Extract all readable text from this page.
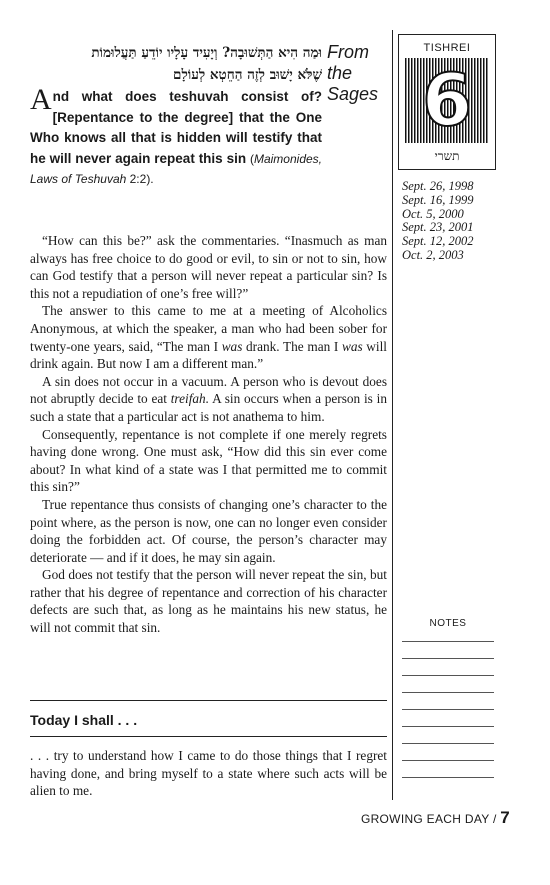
וּמַה הִיא הַתְּשׁוּבָה? וְיָעִיד עָלָיו יוֹדֵעַ תַּעֲלוּמוֹת
שֶׁלֹּא יָשׁוּב לְזֶה הַחֵטְא לְעוֹלָם
From
the
Sages
And what does teshuvah consist of? [Repentance to the degree] that the One Who knows all that is hidden will testify that he will never again repeat this sin (Maimonides, Laws of Teshuvah 2:2).

“How can this be?” ask the commentaries. “Inasmuch as man always has free choice to do good or evil, to sin or not to sin, how can God testify that a person will never repeat a particular sin? Is this not a repudiation of one’s free will?”

The answer to this came to me at a meeting of Alcoholics Anonymous, at which the speaker, a man who had been sober for twenty-one years, said, “The man I was drank. The man I was will drink again. But now I am a different man.”

A sin does not occur in a vacuum. A person who is devout does not abruptly decide to eat treifah. A sin occurs when a person is in such a state that a particular act is not anathema to him.

Consequently, repentance is not complete if one merely regrets having done wrong. One must ask, “How did this sin ever come about? In what kind of a state was I that permitted me to commit this sin?”

True repentance thus consists of changing one’s character to the point where, as the person is now, one can no longer even consider doing the forbidden act. Of course, the person’s character may deteriorate — and if it does, he may sin again.

God does not testify that the person will never repeat the sin, but rather that his degree of repentance and correction of his character defects are such that, as long as he maintains his new status, he will not commit that sin.

Today I shall . . .
. . . try to understand how I came to do those things that I regret having done, and bring myself to a state where such acts will be alien to me.
TISHREI
6
תשרי
Sept. 26, 1998
Sept. 16, 1999
Oct. 5, 2000
Sept. 23, 2001
Sept. 12, 2002
Oct. 2, 2003
NOTES
GROWING EACH DAY / 7
